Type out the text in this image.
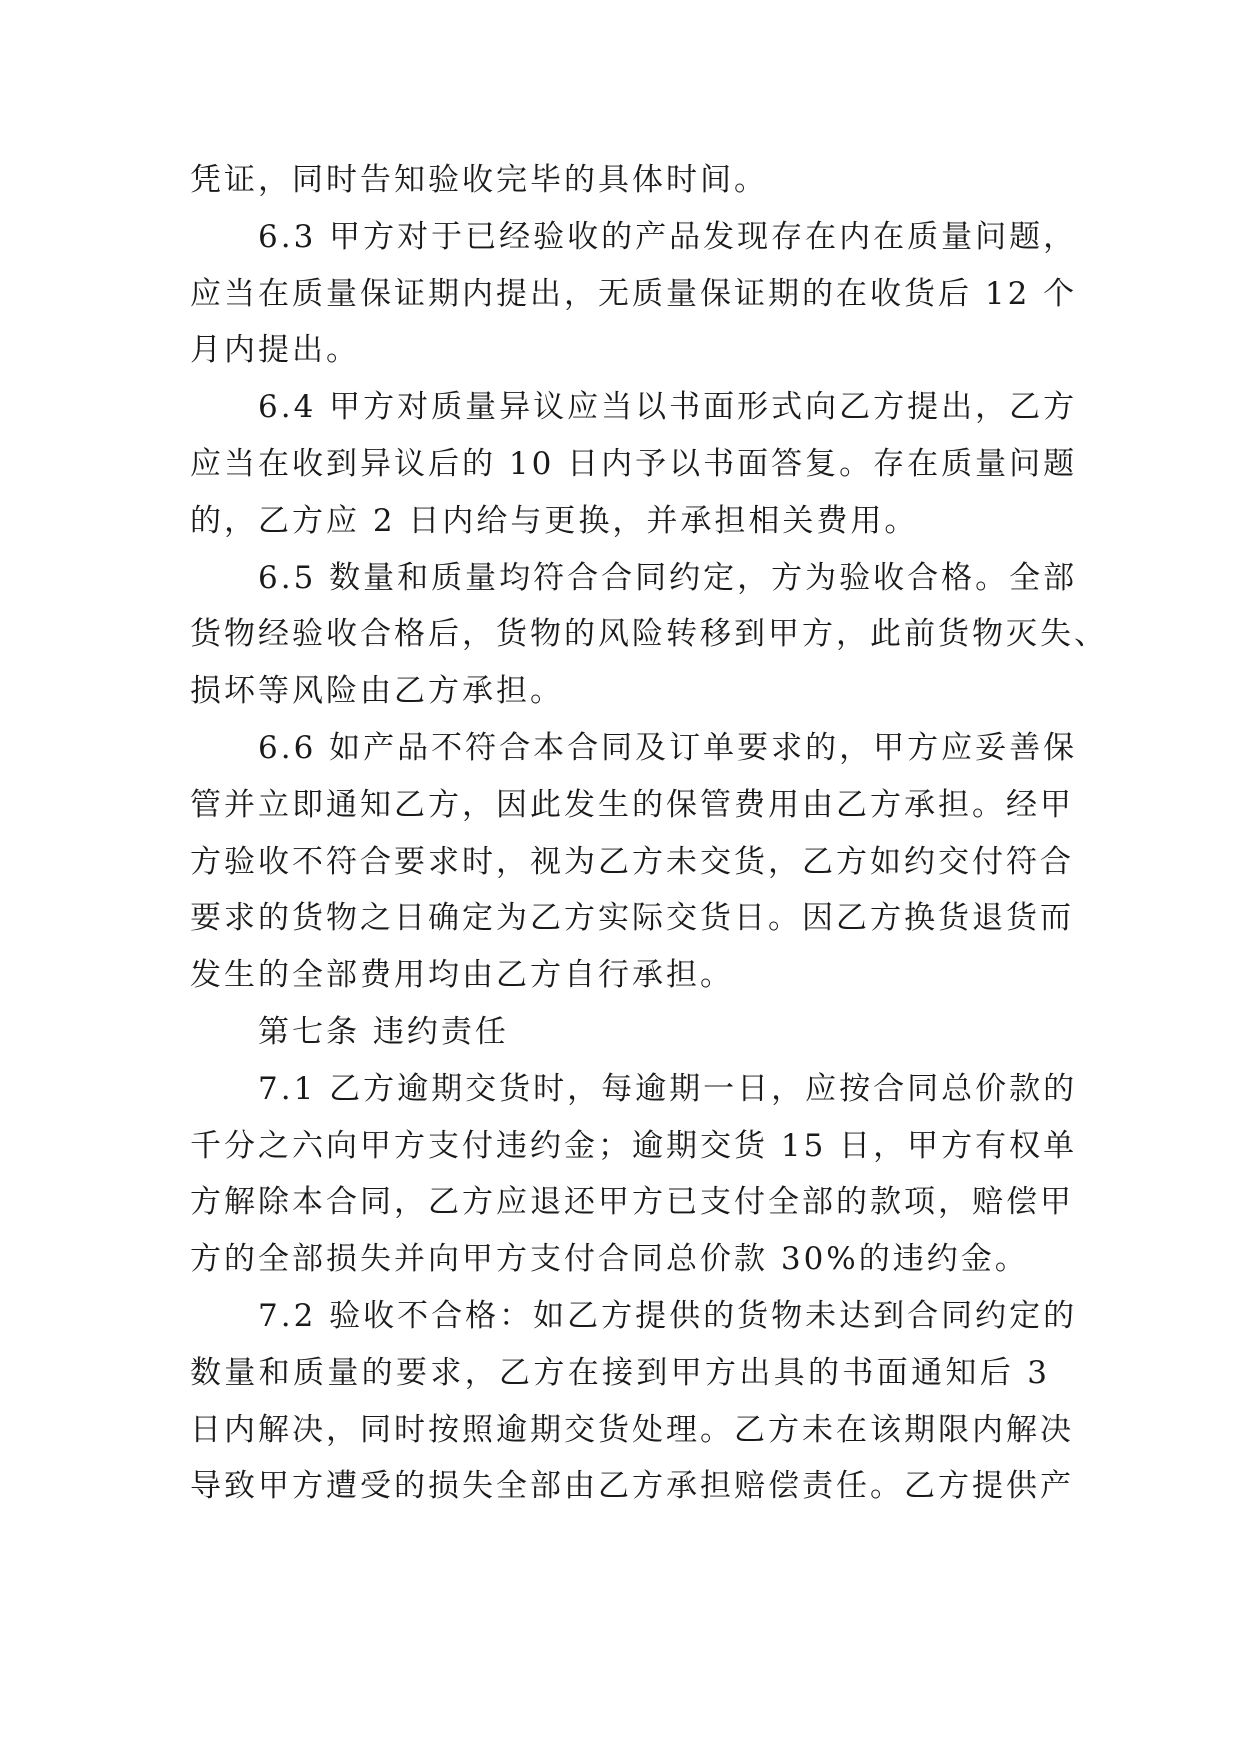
凭证，同时告知验收完毕的具体时间。
6.3 甲方对于已经验收的产品发现存在内在质量问题，
应当在质量保证期内提出，无质量保证期的在收货后 12 个
月内提出。
6.4 甲方对质量异议应当以书面形式向乙方提出，乙方
应当在收到异议后的 10 日内予以书面答复。存在质量问题
的，乙方应 2 日内给与更换，并承担相关费用。
6.5 数量和质量均符合合同约定，方为验收合格。全部
货物经验收合格后，货物的风险转移到甲方，此前货物灭失、
损坏等风险由乙方承担。
6.6 如产品不符合本合同及订单要求的，甲方应妥善保
管并立即通知乙方，因此发生的保管费用由乙方承担。经甲
方验收不符合要求时，视为乙方未交货，乙方如约交付符合
要求的货物之日确定为乙方实际交货日。因乙方换货退货而
发生的全部费用均由乙方自行承担。
第七条 违约责任
7.1 乙方逾期交货时，每逾期一日，应按合同总价款的
千分之六向甲方支付违约金；逾期交货 15 日，甲方有权单
方解除本合同，乙方应退还甲方已支付全部的款项，赔偿甲
方的全部损失并向甲方支付合同总价款 30%的违约金。
7.2 验收不合格：如乙方提供的货物未达到合同约定的
数量和质量的要求，乙方在接到甲方出具的书面通知后 3
日内解决，同时按照逾期交货处理。乙方未在该期限内解决
导致甲方遭受的损失全部由乙方承担赔偿责任。乙方提供产
